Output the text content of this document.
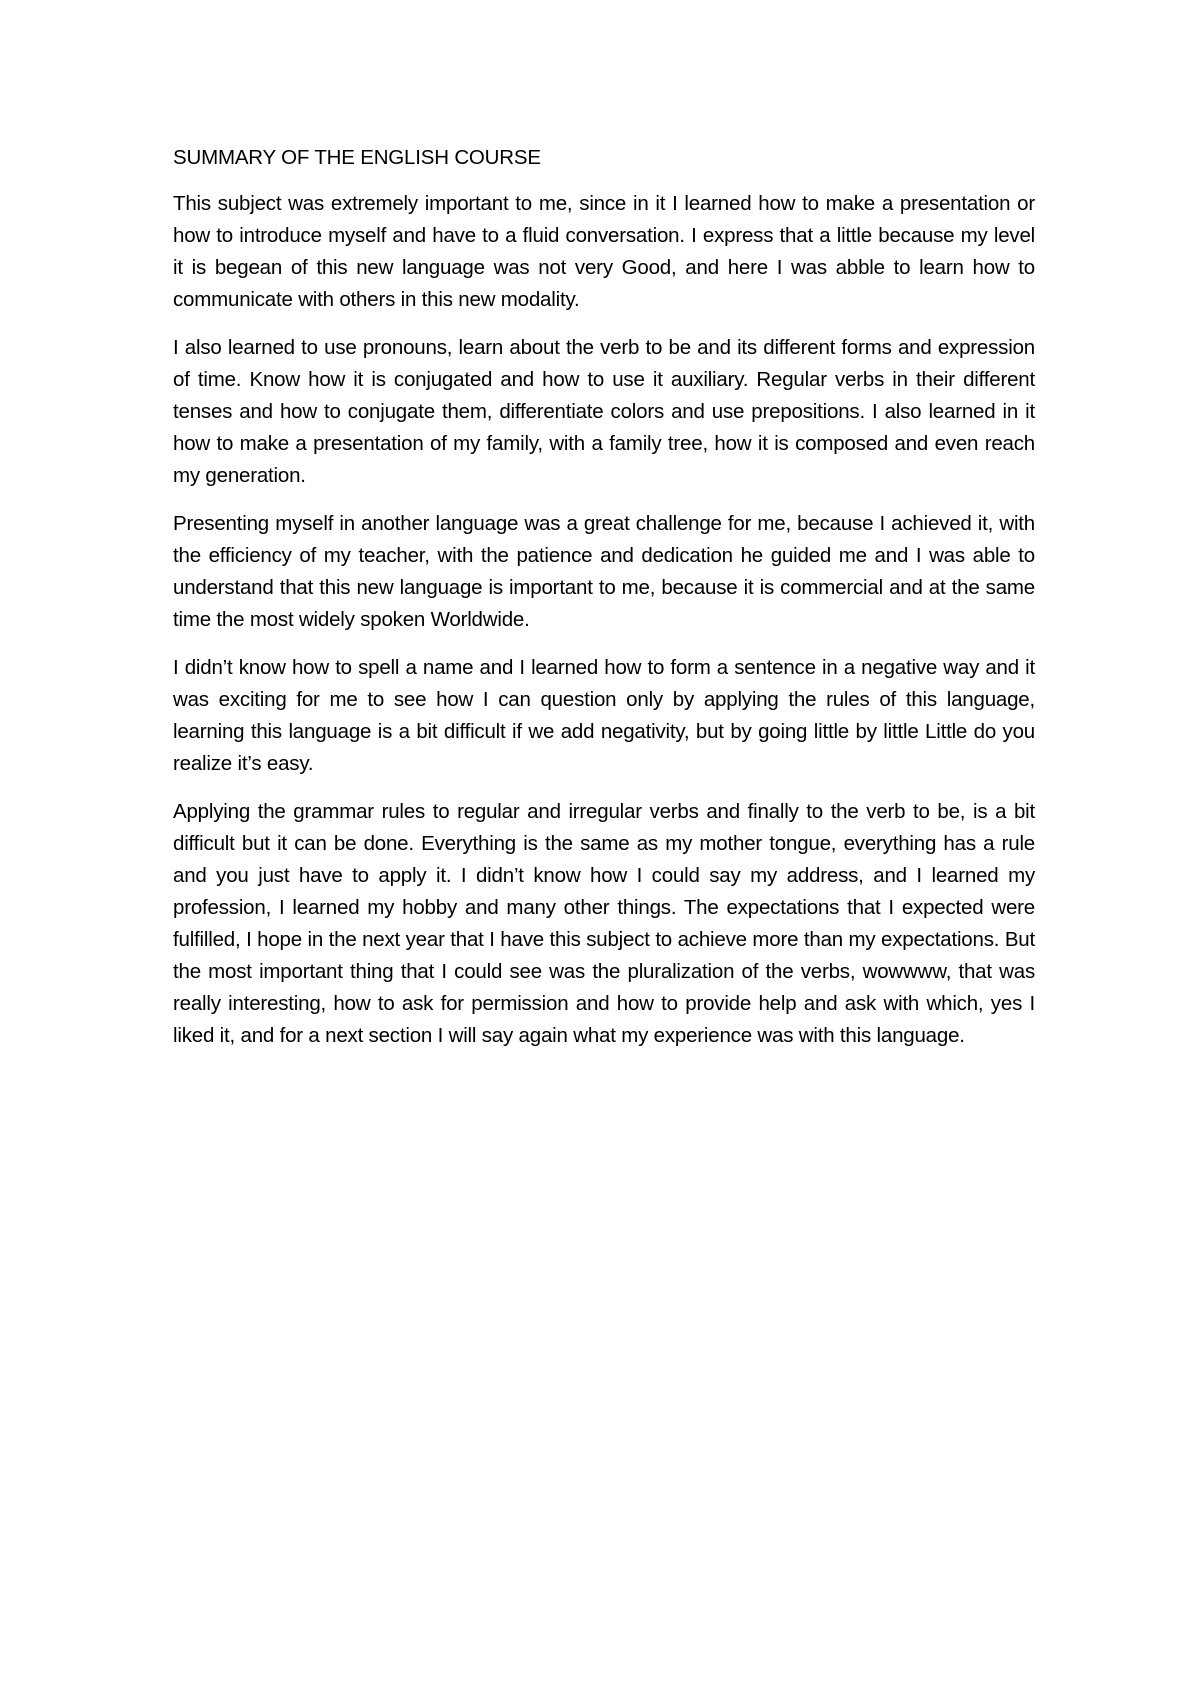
SUMMARY OF THE ENGLISH COURSE

This subject was extremely important to me, since in it I learned how to make a presentation or how to introduce myself and have to a fluid conversation. I express that a little because my level it is begean of this new language was not very Good, and here I was abble to learn how to communicate with others in this new modality.

I also learned to use pronouns, learn about the verb to be and its different forms and expression of time. Know how it is conjugated and how to use it auxiliary. Regular verbs in their different tenses and how to conjugate them, differentiate colors and use prepositions. I also learned in it how to make a presentation of my family, with a family tree, how it is composed and even reach my generation.

Presenting myself in another language was a great challenge for me, because I achieved it, with the efficiency of my teacher, with the patience and dedication he guided me and I was able to understand that this new language is important to me, because it is commercial and at the same time the most widely spoken Worldwide.

I didn’t know how to spell a name and I learned how to form a sentence in a negative way and it was exciting for me to see how I can question only by applying the rules of this language, learning this language is a bit difficult if we add negativity, but by going little by little Little do you realize it’s easy.

Applying the grammar rules to regular and irregular verbs and finally to the verb to be, is a bit difficult but it can be done. Everything is the same as my mother tongue, everything has a rule and you just have to apply it. I didn’t know how I could say my address, and I learned my profession, I learned my hobby and many other things. The expectations that I expected were fulfilled, I hope in the next year that I have this subject to achieve more than my expectations. But the most important thing that I could see was the pluralization of the verbs, wowwww, that was really interesting, how to ask for permission and how to provide help and ask with which, yes I liked it, and for a next section I will say again what my experience was with this language.
